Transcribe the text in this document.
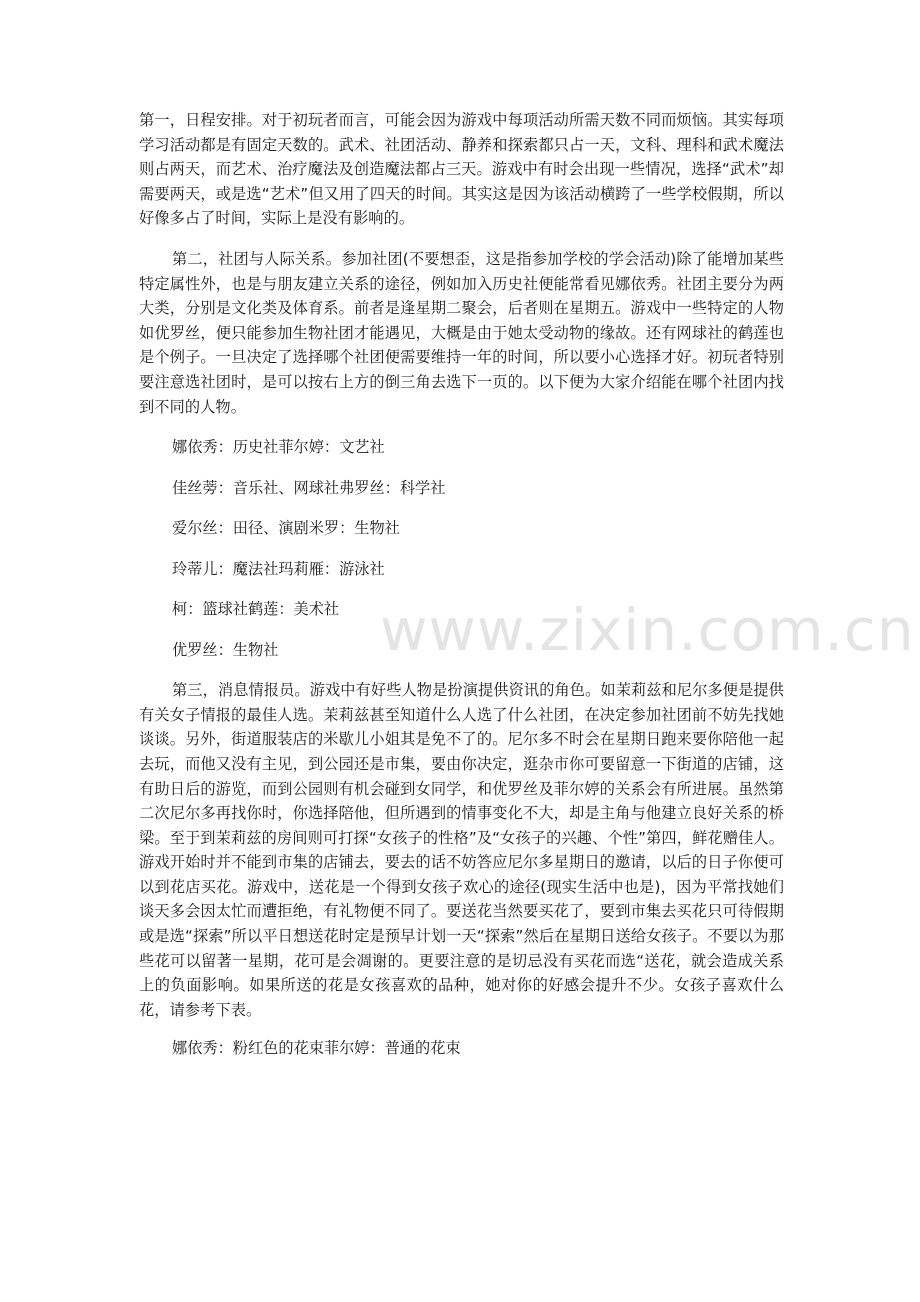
www.zixin.com.cn

第一，日程安排。对于初玩者而言，可能会因为游戏中每项活动所需天数不同而烦恼。其实每项学习活动都是有固定天数的。武术、社团活动、静养和探索都只占一天，文科、理科和武术魔法则占两天，而艺术、治疗魔法及创造魔法都占三天。游戏中有时会出现一些情况，选择“武术”却需要两天，或是选“艺术”但又用了四天的时间。其实这是因为该活动横跨了一些学校假期，所以好像多占了时间，实际上是没有影响的。

第二，社团与人际关系。参加社团(不要想歪，这是指参加学校的学会活动)除了能增加某些特定属性外，也是与朋友建立关系的途径，例如加入历史社便能常看见娜依秀。社团主要分为两大类，分别是文化类及体育系。前者是逢星期二聚会，后者则在星期五。游戏中一些特定的人物如优罗丝，便只能参加生物社团才能遇见，大概是由于她太受动物的缘故。还有网球社的鹤莲也是个例子。一旦决定了选择哪个社团便需要维持一年的时间，所以要小心选择才好。初玩者特别要注意选社团时，是可以按右上方的倒三角去选下一页的。以下便为大家介绍能在哪个社团内找到不同的人物。

娜依秀：历史社菲尔婷：文艺社

佳丝蒡：音乐社、网球社弗罗丝：科学社

爱尔丝：田径、演剧米罗：生物社

玲蒂儿：魔法社玛莉雁：游泳社

柯：篮球社鹤莲：美术社

优罗丝：生物社

第三，消息情报员。游戏中有好些人物是扮演提供资讯的角色。如茉莉兹和尼尔多便是提供有关女子情报的最佳人选。茉莉兹甚至知道什么人选了什么社团，在决定参加社团前不妨先找她谈谈。另外，街道服装店的米歇儿小姐其是免不了的。尼尔多不时会在星期日跑来要你陪他一起去玩，而他又没有主见，到公园还是市集，要由你决定，逛杂市你可要留意一下街道的店铺，这有助日后的游览，而到公园则有机会碰到女同学，和优罗丝及菲尔婷的关系会有所进展。虽然第二次尼尔多再找你时，你选择陪他，但所遇到的情事变化不大，却是主角与他建立良好关系的桥梁。至于到茉莉兹的房间则可打探“女孩子的性格”及“女孩子的兴趣、个性”第四，鲜花赠佳人。游戏开始时并不能到市集的店铺去，要去的话不妨答应尼尔多星期日的邀请，以后的日子你便可以到花店买花。游戏中，送花是一个得到女孩子欢心的途径(现实生活中也是)，因为平常找她们谈天多会因太忙而遭拒绝，有礼物便不同了。要送花当然要买花了，要到市集去买花只可待假期或是选“探索”所以平日想送花时定是预早计划一天“探索”然后在星期日送给女孩子。不要以为那些花可以留著一星期，花可是会凋谢的。更要注意的是切忌没有买花而选“送花，就会造成关系上的负面影响。如果所送的花是女孩喜欢的品种，她对你的好感会提升不少。女孩子喜欢什么花，请参考下表。

娜依秀：粉红色的花束菲尔婷：普通的花束
